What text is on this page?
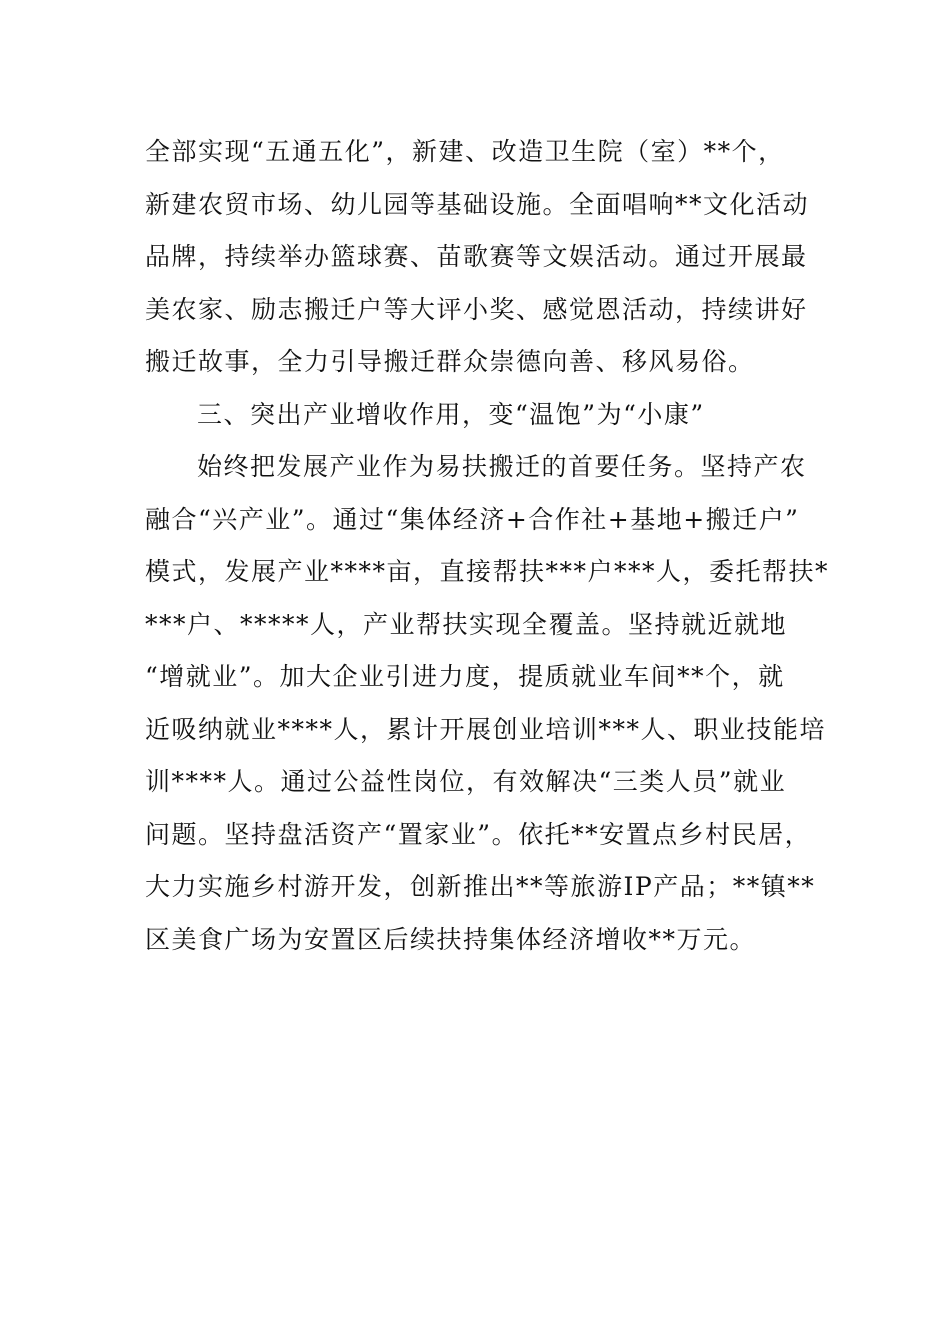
全部实现“五通五化”，新建、改造卫生院（室）**个，
新建农贸市场、幼儿园等基础设施。全面唱响**文化活动
品牌，持续举办篮球赛、苗歌赛等文娱活动。通过开展最
美农家、励志搬迁户等大评小奖、感觉恩活动，持续讲好
搬迁故事，全力引导搬迁群众崇德向善、移风易俗。
三、突出产业增收作用，变“温饱”为“小康”
始终把发展产业作为易扶搬迁的首要任务。坚持产农
融合“兴产业”。通过“集体经济+合作社+基地+搬迁户”
模式，发展产业****亩，直接帮扶***户***人，委托帮扶*
***户、*****人，产业帮扶实现全覆盖。坚持就近就地
“增就业”。加大企业引进力度，提质就业车间**个，就
近吸纳就业****人，累计开展创业培训***人、职业技能培
训****人。通过公益性岗位，有效解决“三类人员”就业
问题。坚持盘活资产“置家业”。依托**安置点乡村民居，
大力实施乡村游开发，创新推出**等旅游IP产品；**镇**
区美食广场为安置区后续扶持集体经济增收**万元。
